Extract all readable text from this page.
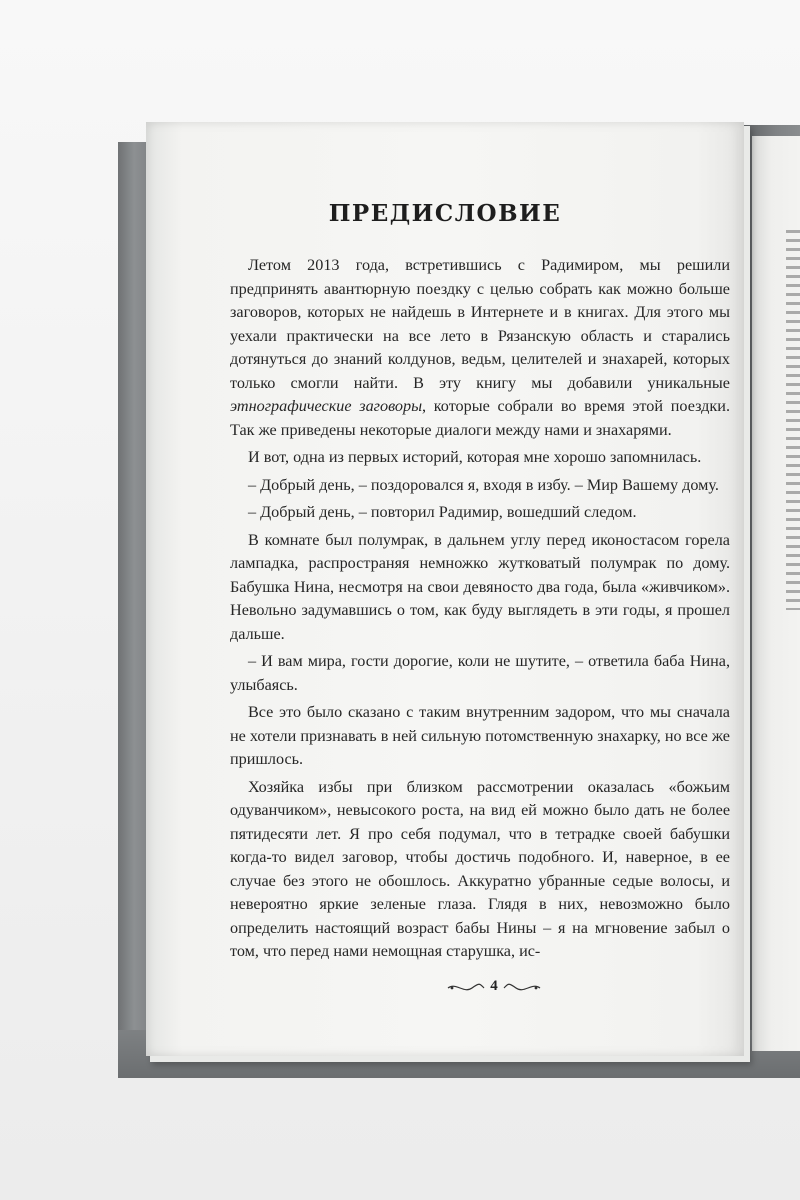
ПРЕДИСЛОВИЕ

Летом 2013 года, встретившись с Радимиром, мы решили предпринять авантюрную поездку с целью собрать как можно больше заговоров, которых не найдешь в Интернете и в книгах. Для этого мы уехали практически на все лето в Рязанскую область и старались дотянуться до знаний колдунов, ведьм, целителей и знахарей, которых только смогли найти. В эту книгу мы добавили уникальные этнографические заговоры, которые собрали во время этой поездки. Так же приведены некоторые диалоги между нами и знахарями.

И вот, одна из первых историй, которая мне хорошо запомнилась.

– Добрый день, – поздоровался я, входя в избу. – Мир Вашему дому.

– Добрый день, – повторил Радимир, вошедший следом.

В комнате был полумрак, в дальнем углу перед иконостасом горела лампадка, распространяя немножко жутковатый полумрак по дому. Бабушка Нина, несмотря на свои девяносто два года, была «живчиком». Невольно задумавшись о том, как буду выглядеть в эти годы, я прошел дальше.

– И вам мира, гости дорогие, коли не шутите, – ответила баба Нина, улыбаясь.

Все это было сказано с таким внутренним задором, что мы сначала не хотели признавать в ней сильную потомственную знахарку, но все же пришлось.

Хозяйка избы при близком рассмотрении оказалась «божьим одуванчиком», невысокого роста, на вид ей можно было дать не более пятидесяти лет. Я про себя подумал, что в тетрадке своей бабушки когда-то видел заговор, чтобы достичь подобного. И, наверное, в ее случае без этого не обошлось. Аккуратно убранные седые волосы, и невероятно яркие зеленые глаза. Глядя в них, невозможно было определить настоящий возраст бабы Нины – я на мгновение забыл о том, что перед нами немощная старушка, ис-

4
